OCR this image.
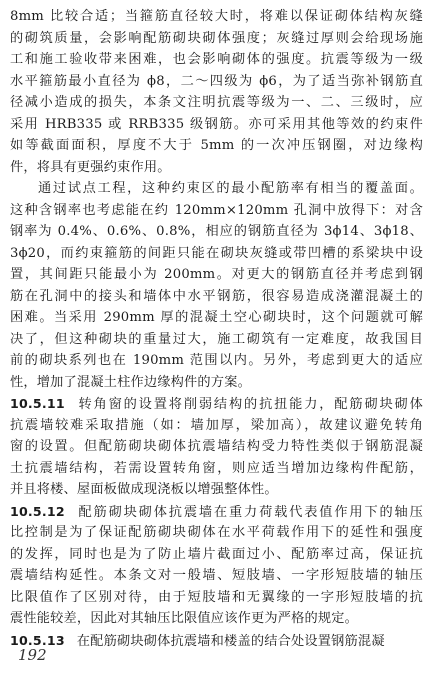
8mm 比较合适；当箍筋直径较大时，将难以保证砌体结构灰缝
的砌筑质量，会影响配筋砌块砌体强度；灰缝过厚则会给现场施
工和施工验收带来困难，也会影响砌体的强度。抗震等级为一级
水平箍筋最小直径为 ϕ8，二～四级为 ϕ6，为了适当弥补钢筋直
径减小造成的损失，本条文注明抗震等级为一、二、三级时，应
采用 HRB335 或 RRB335 级钢筋。亦可采用其他等效的约束件
如等截面面积，厚度不大于 5mm 的一次冲压钢圈，对边缘构
件，将具有更强约束作用。
通过试点工程，这种约束区的最小配筋率有相当的覆盖面。
这种含钢率也考虑能在约 120mm×120mm 孔洞中放得下：对含
钢率为 0.4%、0.6%、0.8%，相应的钢筋直径为 3ϕ14、3ϕ18、
3ϕ20，而约束箍筋的间距只能在砌块灰缝或带凹槽的系梁块中设
置，其间距只能最小为 200mm。对更大的钢筋直径并考虑到钢
筋在孔洞中的接头和墙体中水平钢筋，很容易造成浇灌混凝土的
困难。当采用 290mm 厚的混凝土空心砌块时，这个问题就可解
决了，但这种砌块的重量过大，施工砌筑有一定难度，故我国目
前的砌块系列也在 190mm 范围以内。另外，考虑到更大的适应
性，增加了混凝土柱作边缘构件的方案。
10.5.11 转角窗的设置将削弱结构的抗扭能力，配筋砌块砌体
抗震墙较难采取措施（如：墙加厚，梁加高），故建议避免转角
窗的设置。但配筋砌块砌体抗震墙结构受力特性类似于钢筋混凝
土抗震墙结构，若需设置转角窗，则应适当增加边缘构件配筋，
并且将楼、屋面板做成现浇板以增强整体性。
10.5.12 配筋砌块砌体抗震墙在重力荷载代表值作用下的轴压
比控制是为了保证配筋砌块砌体在水平荷载作用下的延性和强度
的发挥，同时也是为了防止墙片截面过小、配筋率过高，保证抗
震墙结构延性。本条文对一般墙、短肢墙、一字形短肢墙的轴压
比限值作了区别对待，由于短肢墙和无翼缘的一字形短肢墙的抗
震性能较差，因此对其轴压比限值应该作更为严格的规定。
10.5.13 在配筋砌块砌体抗震墙和楼盖的结合处设置钢筋混凝
192
